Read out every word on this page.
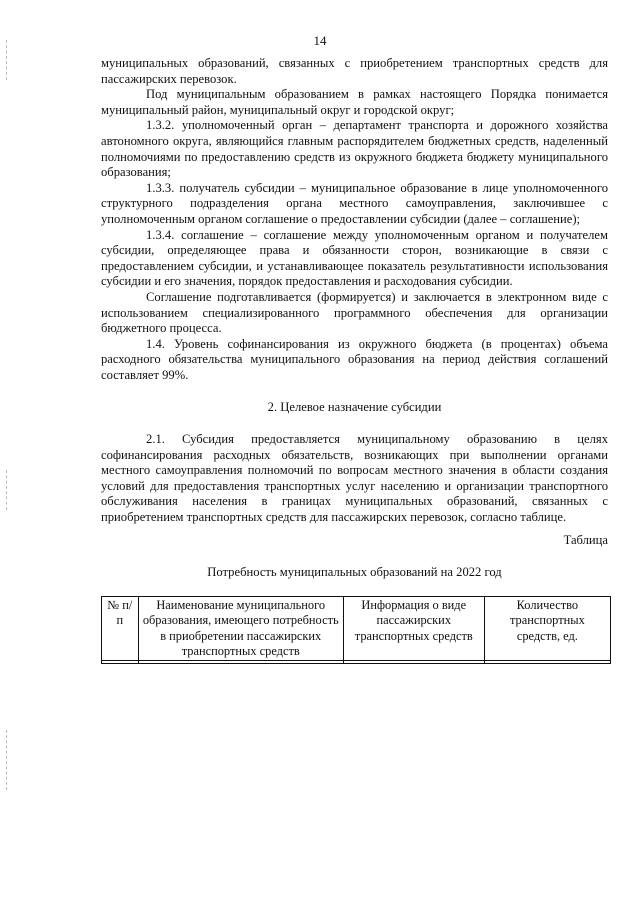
14

муниципальных образований, связанных с приобретением транспортных средств для пассажирских перевозок.

Под муниципальным образованием в рамках настоящего Порядка понимается муниципальный район, муниципальный округ и городской округ;

1.3.2. уполномоченный орган – департамент транспорта и дорожного хозяйства автономного округа, являющийся главным распорядителем бюджетных средств, наделенный полномочиями по предоставлению средств из окружного бюджета бюджету муниципального образования;

1.3.3. получатель субсидии – муниципальное образование в лице уполномоченного структурного подразделения органа местного самоуправления, заключившее с уполномоченным органом соглашение о предоставлении субсидии (далее – соглашение);

1.3.4. соглашение – соглашение между уполномоченным органом и получателем субсидии, определяющее права и обязанности сторон, возникающие в связи с предоставлением субсидии, и устанавливающее показатель результативности использования субсидии и его значения, порядок предоставления и расходования субсидии.

Соглашение подготавливается (формируется) и заключается в электронном виде с использованием специализированного программного обеспечения для организации бюджетного процесса.

1.4. Уровень софинансирования из окружного бюджета (в процентах) объема расходного обязательства муниципального образования на период действия соглашений составляет 99%.

2. Целевое назначение субсидии

2.1. Субсидия предоставляется муниципальному образованию в целях софинансирования расходных обязательств, возникающих при выполнении органами местного самоуправления полномочий по вопросам местного значения в области создания условий для предоставления транспортных услуг населению и организации транспортного обслуживания населения в границах муниципальных образований, связанных с приобретением транспортных средств для пассажирских перевозок, согласно таблице.

Таблица

Потребность муниципальных образований на 2022 год

№ п/п	Наименование муниципального образования, имеющего потребность в приобретении пассажирских транспортных средств	Информация о виде пассажирских транспортных средств	Количество транспортных средств, ед.
